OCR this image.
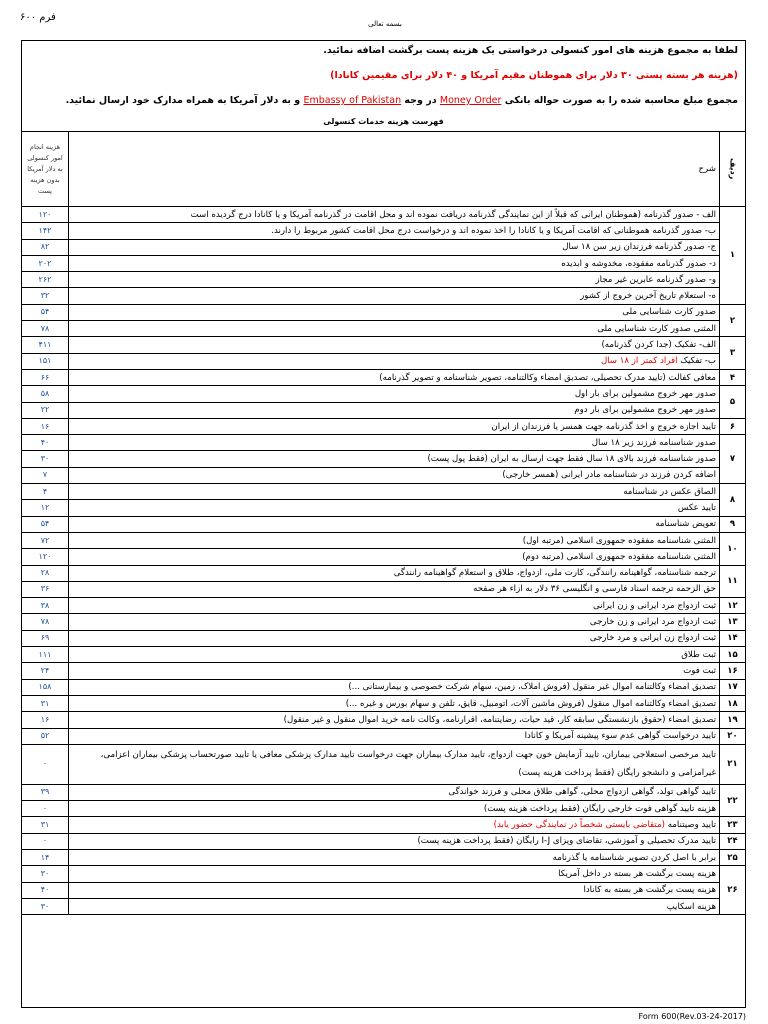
فرم ۶۰۰
بسمه تعالی
لطفا به مجموع هزینه های امور کنسولی درخواستی یک هزینه پست برگشت اضافه نمائید.
(هزینه هر بسته پستی ۳۰ دلار برای هموطنان مقیم آمریکا و ۴۰ دلار برای مقیمین کانادا)
مجموع مبلغ محاسبه شده را به صورت حواله بانکی Money Order در وجه Embassy of Pakistan و به دلار آمریکا به همراه مدارک خود ارسال نمائید.
فهرست هزینه خدمات کنسولی
هزینه انجام امور کنسولی به دلار آمریکا بدون هزینه پست	شرح	ردیف
۱۲۰	الف - صدور گذرنامه (هموطنان ایرانی که قبلاً از این نمایندگی گذرنامه دریافت نموده اند و محل اقامت در گذرنامه آمریکا و یا کانادا درج گردیده است	۱
۱۴۲	ب- صدور گذرنامه هموطنانی که اقامت آمریکا و یا کانادا را اخذ نموده اند و درخواست درج محل اقامت کشور مربوط را دارند.	
۸۲	ج- صدور گذرنامه فرزندان زیر سن ۱۸ سال	
۲۰۲	د- صدور گذرنامه مفقوده، مخدوشه و ابدیده	
۲۶۲	و- صدور گذرنامه عابرین غیر مجاز	
۳۲	ه- استعلام تاریخ آخرین خروج از کشور	
۵۴	صدور کارت شناسایی ملی	۲
۷۸	المثنی صدور کارت شناسایی ملی	
۴۱۱	الف- تفکیک (جدا کردن گذرنامه)	۳
۱۵۱	ب- تفکیک افراد کمتر از ۱۸ سال	
۶۶	معافی کفالت (تایید مدرک تحصیلی، تصدیق امضاء وکالتنامه، تصویر شناسنامه و تصویر گذرنامه)	۴
۵۸	صدور مهر خروج مشمولین برای بار اول	۵
۲۲	صدور مهر خروج مشمولین برای بار دوم	
۱۶	تایید اجازه خروج و اخذ گذرنامه جهت همسر یا فرزندان از ایران	۶
۴۰	صدور شناسنامه فرزند زیر ۱۸ سال	۷
۳۰	صدور شناسنامه فرزند بالای ۱۸ سال فقط جهت ارسال به ایران (فقط پول پست)	
۷	اضافه کردن فرزند در شناسنامه مادر ایرانی (همسر خارجی)	
۴	الصاق عکس در شناسنامه	۸
۱۲	تایید عکس	
۵۴	تعویض شناسنامه	۹
۷۲	المثنی شناسنامه مفقوده جمهوری اسلامی (مرتبه اول)	۱۰
۱۲۰	المثنی شناسنامه مفقوده جمهوری اسلامی (مرتبه دوم)	
۲۸	ترجمه شناسنامه، گواهینامه رانندگی، کارت ملی، ازدواج، طلاق و استعلام گواهینامه رانندگی	۱۱
۳۶	حق الزحمه ترجمه اسناد فارسی و انگلیسی ۳۶ دلار به ازاء هر صفحه	
۳۸	ثبت ازدواج مرد ایرانی و زن ایرانی	۱۲
۷۸	ثبت ازدواج مرد ایرانی و زن خارجی	۱۳
۶۹	ثبت ازدواج زن ایرانی و مرد خارجی	۱۴
۱۱۱	ثبت طلاق	۱۵
۲۴	ثبت فوت	۱۶
۱۵۸	تصدیق امضاء وکالتنامه اموال غیر منقول (فروش املاک، زمین، سهام شرکت خصوصی و بیمارستانی ...)	۱۷
۳۱	تصدیق امضاء وکالتنامه اموال منقول (فروش ماشین آلات، اتومبیل، قایق، تلفن و سهام بورس و غیره ...)	۱۸
۱۶	تصدیق امضاء (حقوق بازنشستگی سابقه کار، قید حیات، رضایتنامه، اقرارنامه، وکالت نامه خرید اموال منقول و غیر منقول)	۱۹
۵۲	تایید درخواست گواهی عدم سوء پیشینه آمریکا و کانادا	۲۰
۰	تایید مرخصی استعلاجی بیماران، تایید آزمایش خون جهت ازدواج، تایید مدارک بیماران جهت درخواست تایید مدارک پزشکی معافی یا تایید صورتحساب پزشکی بیماران اعزامی، غیرامزامی و دانشجو رایگان (فقط پرداخت هزینه پست)	۲۱
۳۹	تایید گواهی تولد، گواهی ازدواج محلی، گواهی طلاق محلی و فرزند خواندگی	۲۲
۰	هزینه تایید گواهی فوت خارجی رایگان (فقط پرداخت هزینه پست)	
۳۱	تایید وصیتنامه (متقاضی بایستی شخصاً در نمایندگی حضور یابد)	۲۳
۰	تایید مدرک تحصیلی و آموزشی، تقاضای ویزای I-J رایگان (فقط پرداخت هزینه پست)	۲۴
۱۴	برابر با اصل کردن تصویر شناسنامه یا گذرنامه	۲۵
۳۰	هزینه پست برگشت هر بسته در داخل آمریکا	۲۶
۴۰	هزینه پست برگشت هر بسته به کانادا	
۳۰	هزینه اسکایپ	
Form 600(Rev.03-24-2017)
